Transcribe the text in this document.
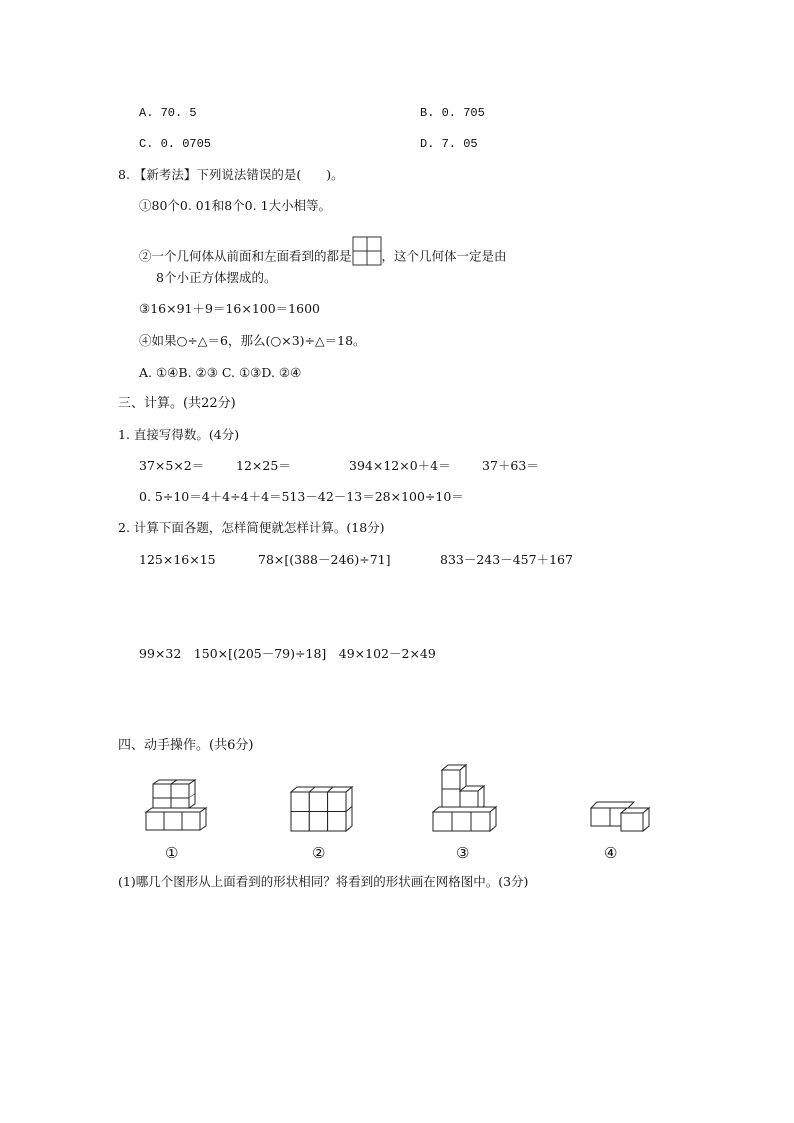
A. 70. 5	B. 0. 705
C. 0. 0705	D. 7. 05
8. 【新考法】下列说法错误的是(　　)。
①80个0. 01和8个0. 1大小相等。
②一个几何体从前面和左面看到的都是 ，这个几何体一定是由
8个小正方体摆成的。
③16×91＋9＝16×100＝1600
④如果○÷△＝6，那么(○×3)÷△＝18。
A. ①④B. ②③ C. ①③D. ②④
三、计算。(共22分)
1. 直接写得数。(4分)
37×5×2＝	12×25＝	394×12×0＋4＝	37＋63＝
0. 5÷10＝4＋4÷4＋4＝513－42－13＝28×100÷10＝
2. 计算下面各题，怎样简便就怎样计算。(18分)
125×16×15	78×[(388－246)÷71]	833－243－457＋167
99×32　150×[(205－79)÷18]　49×102－2×49
四、动手操作。(共6分)
①	②	③	④
(1)哪几个图形从上面看到的形状相同？将看到的形状画在网格图中。(3分)
